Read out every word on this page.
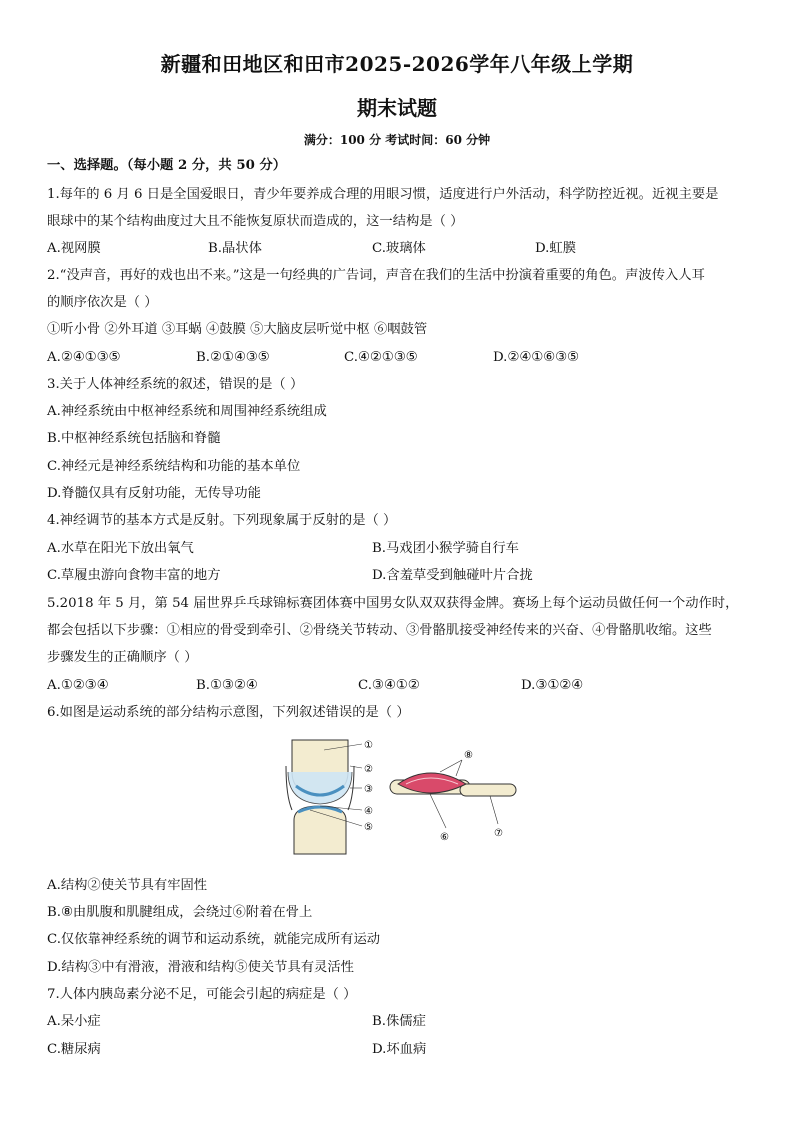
新疆和田地区和田市2025-2026学年八年级上学期
期末试题
满分：100 分 考试时间：60 分钟
一、选择题。（每小题 2 分，共 50 分）
1.每年的 6 月 6 日是全国爱眼日，青少年要养成合理的用眼习惯，适度进行户外活动，科学防控近视。近视主要是
眼球中的某个结构曲度过大且不能恢复原状而造成的，这一结构是（ ）
A.视网膜	B.晶状体	C.玻璃体	D.虹膜
2.“没声音，再好的戏也出不来。”这是一句经典的广告词，声音在我们的生活中扮演着重要的角色。声波传入人耳
的顺序依次是（ ）
①听小骨 ②外耳道 ③耳蜗 ④鼓膜 ⑤大脑皮层听觉中枢 ⑥咽鼓管
A.②④①③⑤	B.②①④③⑤	C.④②①③⑤	D.②④①⑥③⑤
3.关于人体神经系统的叙述，错误的是（ ）
A.神经系统由中枢神经系统和周围神经系统组成
B.中枢神经系统包括脑和脊髓
C.神经元是神经系统结构和功能的基本单位
D.脊髓仅具有反射功能，无传导功能
4.神经调节的基本方式是反射。下列现象属于反射的是（ ）
A.水草在阳光下放出氧气	B.马戏团小猴学骑自行车
C.草履虫游向食物丰富的地方	D.含羞草受到触碰叶片合拢
5.2018 年 5 月，第 54 届世界乒乓球锦标赛团体赛中国男女队双双获得金牌。赛场上每个运动员做任何一个动作时，
都会包括以下步骤：①相应的骨受到牵引、②骨绕关节转动、③骨骼肌接受神经传来的兴奋、④骨骼肌收缩。这些
步骤发生的正确顺序（ ）
A.①②③④	B.①③②④	C.③④①②	D.③①②④
6.如图是运动系统的部分结构示意图，下列叙述错误的是（ ）
①
②
③
④
⑤
⑧
⑥	⑦
A.结构②使关节具有牢固性
B.⑧由肌腹和肌腱组成，会绕过⑥附着在骨上
C.仅依靠神经系统的调节和运动系统，就能完成所有运动
D.结构③中有滑液，滑液和结构⑤使关节具有灵活性
7.人体内胰岛素分泌不足，可能会引起的病症是（ ）
A.呆小症	B.侏儒症
C.糖尿病	D.坏血病
